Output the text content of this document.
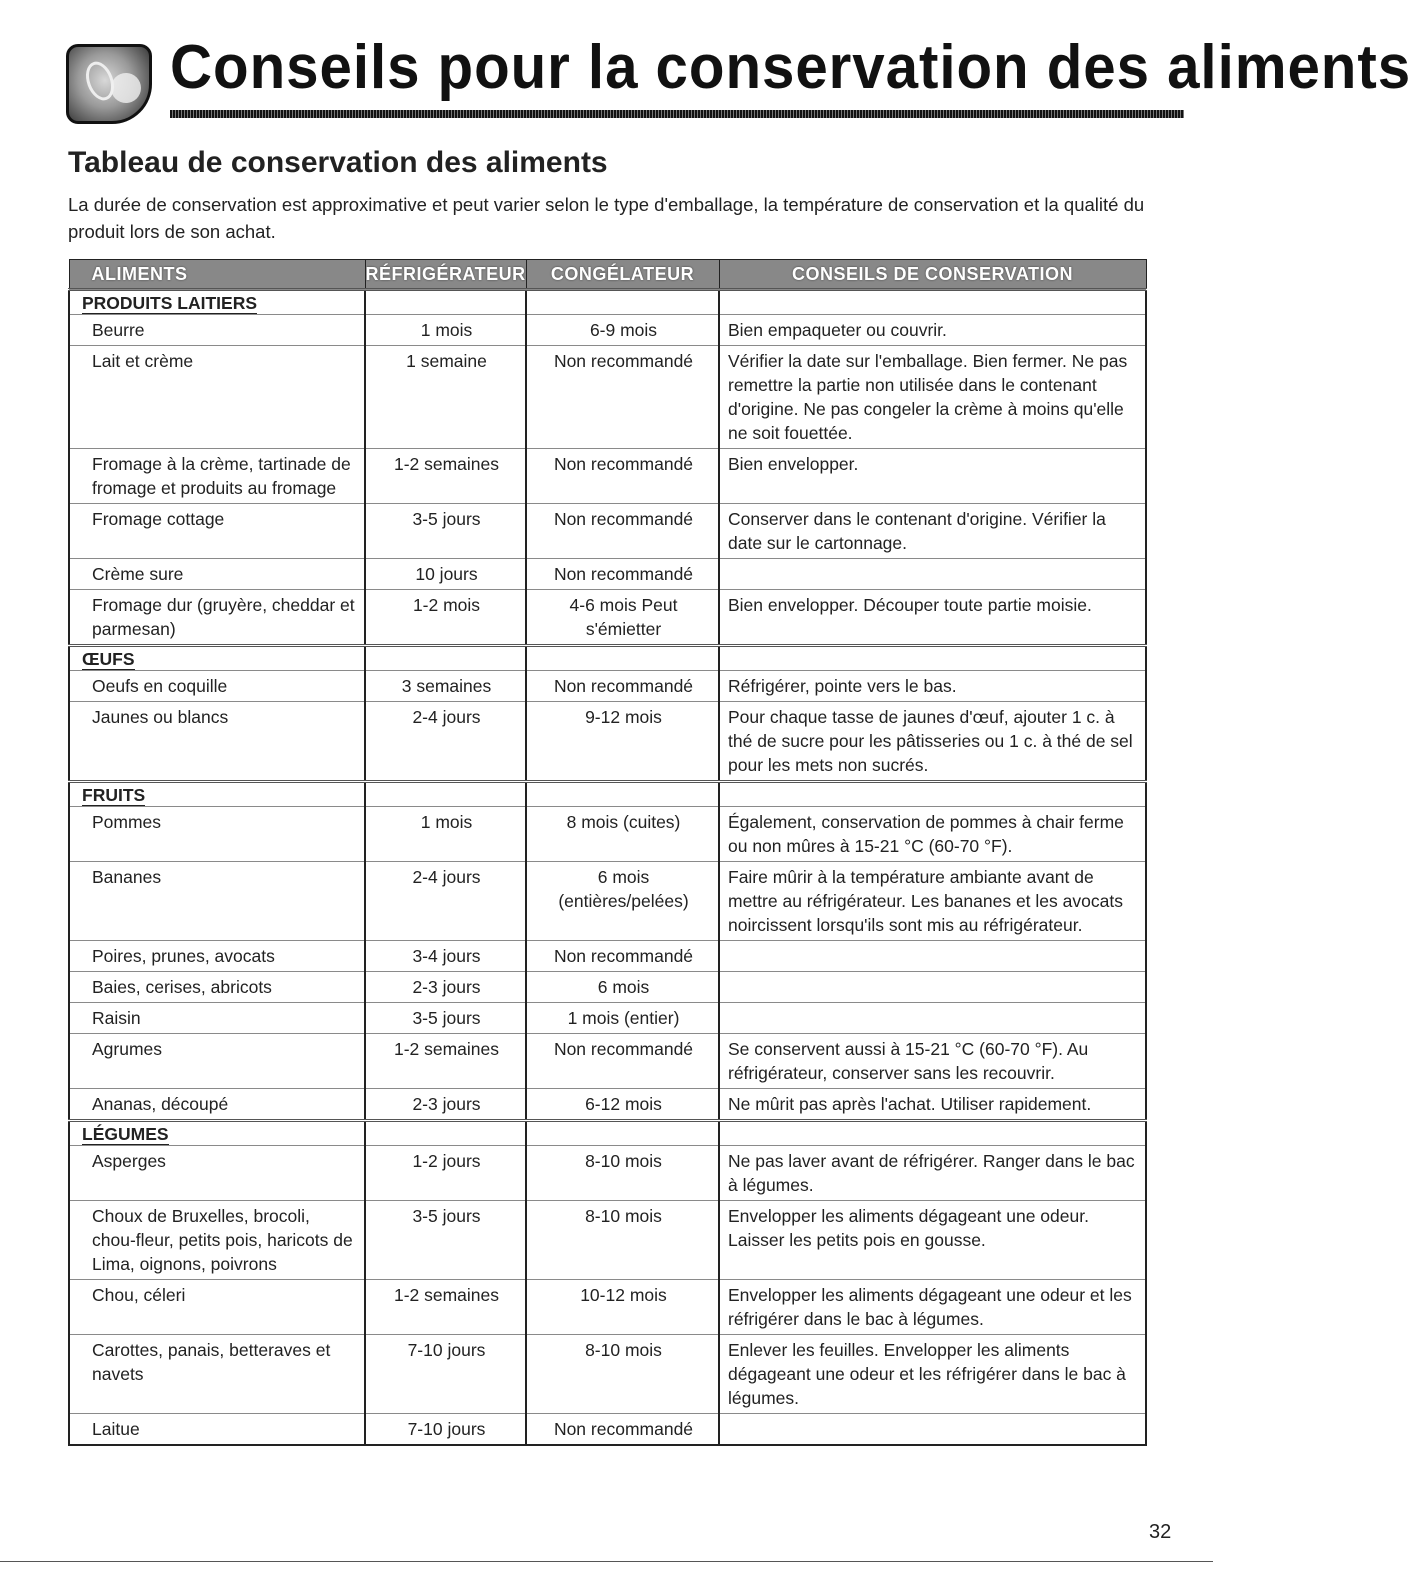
Conseils pour la conservation des aliments
Tableau de conservation des aliments
La durée de conservation est approximative et peut varier selon le type d'emballage, la température de conservation et la qualité du produit lors de son achat.
ALIMENTS	RÉFRIGÉRATEUR	CONGÉLATEUR	CONSEILS DE CONSERVATION
PRODUITS LAITIERS			
Beurre	1 mois	6-9 mois	Bien empaqueter ou couvrir.
Lait et crème	1 semaine	Non recommandé	Vérifier la date sur l'emballage. Bien fermer. Ne pas remettre la partie non utilisée dans le contenant d'origine. Ne pas congeler la crème à moins qu'elle ne soit fouettée.
Fromage à la crème, tartinade de fromage et produits au fromage	1-2 semaines	Non recommandé	Bien envelopper.
Fromage cottage	3-5 jours	Non recommandé	Conserver dans le contenant d'origine. Vérifier la date sur le cartonnage.
Crème sure	10 jours	Non recommandé	
Fromage dur (gruyère, cheddar et parmesan)	1-2 mois	4-6 mois Peut s'émietter	Bien envelopper. Découper toute partie moisie.
ŒUFS			
Oeufs en coquille	3 semaines	Non recommandé	Réfrigérer, pointe vers le bas.
Jaunes ou blancs	2-4 jours	9-12 mois	Pour chaque tasse de jaunes d'œuf, ajouter 1 c. à thé de sucre pour les pâtisseries ou 1 c. à thé de sel pour les mets non sucrés.
FRUITS			
Pommes	1 mois	8 mois (cuites)	Également, conservation de pommes à chair ferme ou non mûres à 15-21 °C (60-70 °F).
Bananes	2-4 jours	6 mois (entières/pelées)	Faire mûrir à la température ambiante avant de mettre au réfrigérateur. Les bananes et les avocats noircissent lorsqu'ils sont mis au réfrigérateur.
Poires, prunes, avocats	3-4 jours	Non recommandé	
Baies, cerises, abricots	2-3 jours	6 mois	
Raisin	3-5 jours	1 mois (entier)	
Agrumes	1-2 semaines	Non recommandé	Se conservent aussi à 15-21 °C (60-70 °F). Au réfrigérateur, conserver sans les recouvrir.
Ananas, découpé	2-3 jours	6-12 mois	Ne mûrit pas après l'achat. Utiliser rapidement.
LÉGUMES			
Asperges	1-2 jours	8-10 mois	Ne pas laver avant de réfrigérer. Ranger dans le bac à légumes.
Choux de Bruxelles, brocoli, chou-fleur, petits pois, haricots de Lima, oignons, poivrons	3-5 jours	8-10 mois	Envelopper les aliments dégageant une odeur. Laisser les petits pois en gousse.
Chou, céleri	1-2 semaines	10-12 mois	Envelopper les aliments dégageant une odeur et les réfrigérer dans le bac à légumes.
Carottes, panais, betteraves et navets	7-10 jours	8-10 mois	Enlever les feuilles. Envelopper les aliments dégageant une odeur et les réfrigérer dans le bac à légumes.
Laitue	7-10 jours	Non recommandé	
32
